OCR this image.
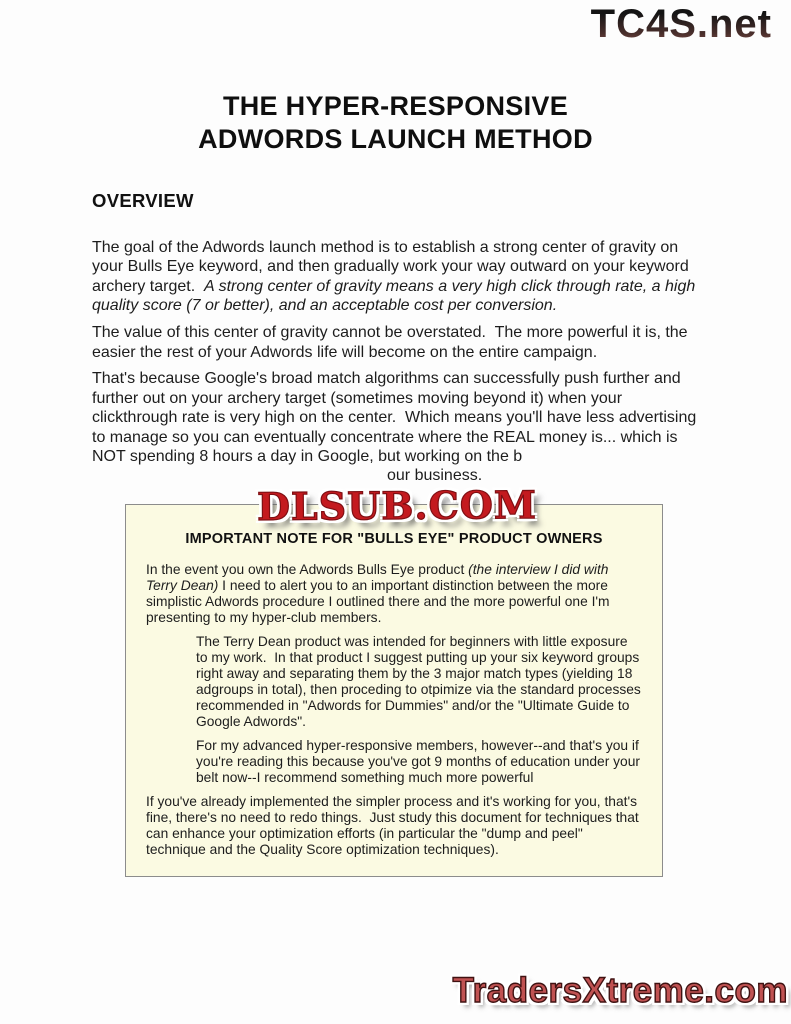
TC4S.net
THE HYPER-RESPONSIVE
ADWORDS LAUNCH METHOD
OVERVIEW

The goal of the Adwords launch method is to establish a strong center of gravity on your Bulls Eye keyword, and then gradually work your way outward on your keyword archery target.  A strong center of gravity means a very high click through rate, a high quality score (7 or better), and an acceptable cost per conversion.

The value of this center of gravity cannot be overstated.  The more powerful it is, the easier the rest of your Adwords life will become on the entire campaign.

That's because Google's broad match algorithms can successfully push further and further out on your archery target (sometimes moving beyond it) when your clickthrough rate is very high on the center.  Which means you'll have less advertising to manage so you can eventually concentrate where the REAL money is... which is NOT spending 8 hours a day in Google, but working on the bour business.

IMPORTANT NOTE FOR "BULLS EYE" PRODUCT OWNERS

In the event you own the Adwords Bulls Eye product (the interview I did with Terry Dean) I need to alert you to an important distinction between the more simplistic Adwords procedure I outlined there and the more powerful one I'm presenting to my hyper-club members.

The Terry Dean product was intended for beginners with little exposure to my work.  In that product I suggest putting up your six keyword groups right away and separating them by the 3 major match types (yielding 18 adgroups in total), then proceding to otpimize via the standard processes recommended in "Adwords for Dummies" and/or the "Ultimate Guide to Google Adwords".

For my advanced hyper-responsive members, however--and that's you if you're reading this because you've got 9 months of education under your belt now--I recommend something much more powerful

If you've already implemented the simpler process and it's working for you, that's fine, there's no need to redo things.  Just study this document for techniques that can enhance your optimization efforts (in particular the "dump and peel" technique and the Quality Score optimization techniques).

DLSUB.COM
TradersXtreme.com
